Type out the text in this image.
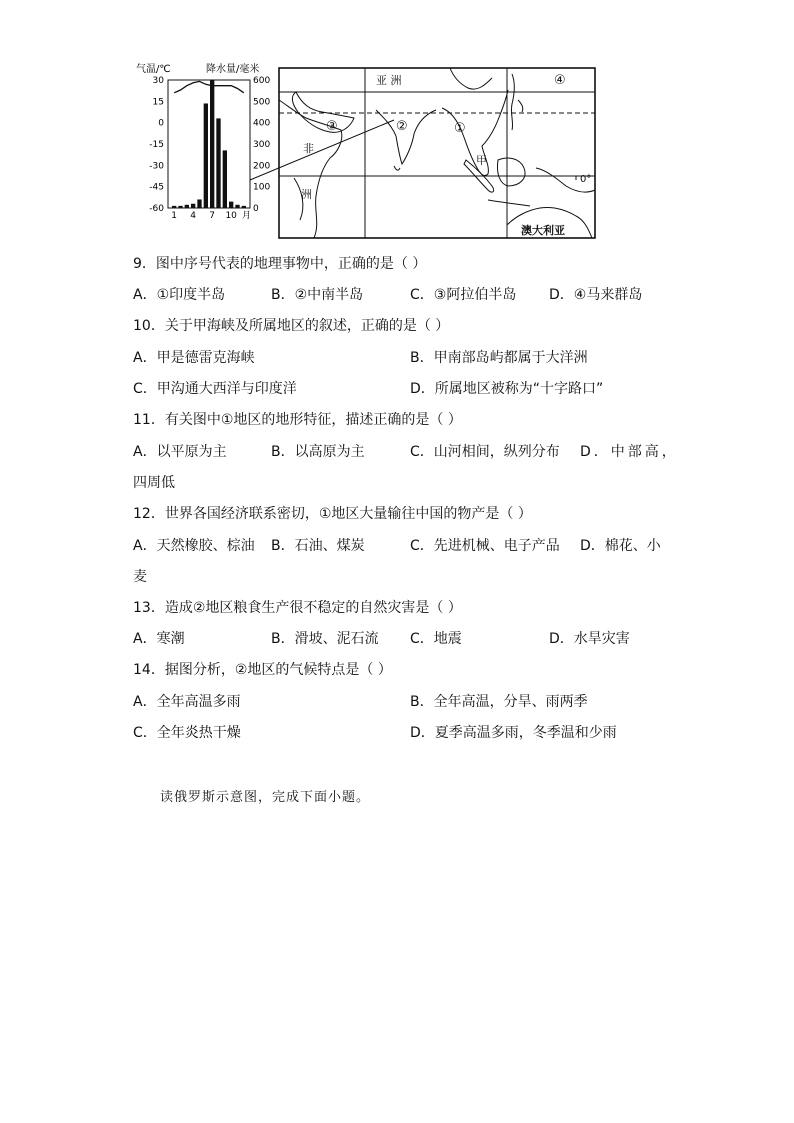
气温/℃	降水量/毫米
30
15
0
-15
-30
-45
-60
600
500
400
300
200
100
0
1 4 7 10 月
亚 洲
非
洲
澳大利亚
甲
0°
①
②
③
④
9．图中序号代表的地理事物中，正确的是（ ）
A．①印度半岛	B．②中南半岛	C．③阿拉伯半岛 D．④马来群岛
10．关于甲海峡及所属地区的叙述，正确的是（ ）
A．甲是德雷克海峡	B．甲南部岛屿都属于大洋洲
C．甲沟通大西洋与印度洋	D．所属地区被称为“十字路口”
11．有关图中①地区的地形特征，描述正确的是（ ）
A．以平原为主	B．以高原为主	C．山河相间，纵列分布 D．中部高，
四周低
12．世界各国经济联系密切，①地区大量输往中国的物产是（ ）
A．天然橡胶、棕油 B．石油、煤炭	C．先进机械、电子产品 D．棉花、小
麦
13．造成②地区粮食生产很不稳定的自然灾害是（ ）
A．寒潮	B．滑坡、泥石流 C．地震	D．水旱灾害
14．据图分析，②地区的气候特点是（ ）
A．全年高温多雨	B．全年高温，分旱、雨两季
C．全年炎热干燥	D．夏季高温多雨，冬季温和少雨
读俄罗斯示意图，完成下面小题。
